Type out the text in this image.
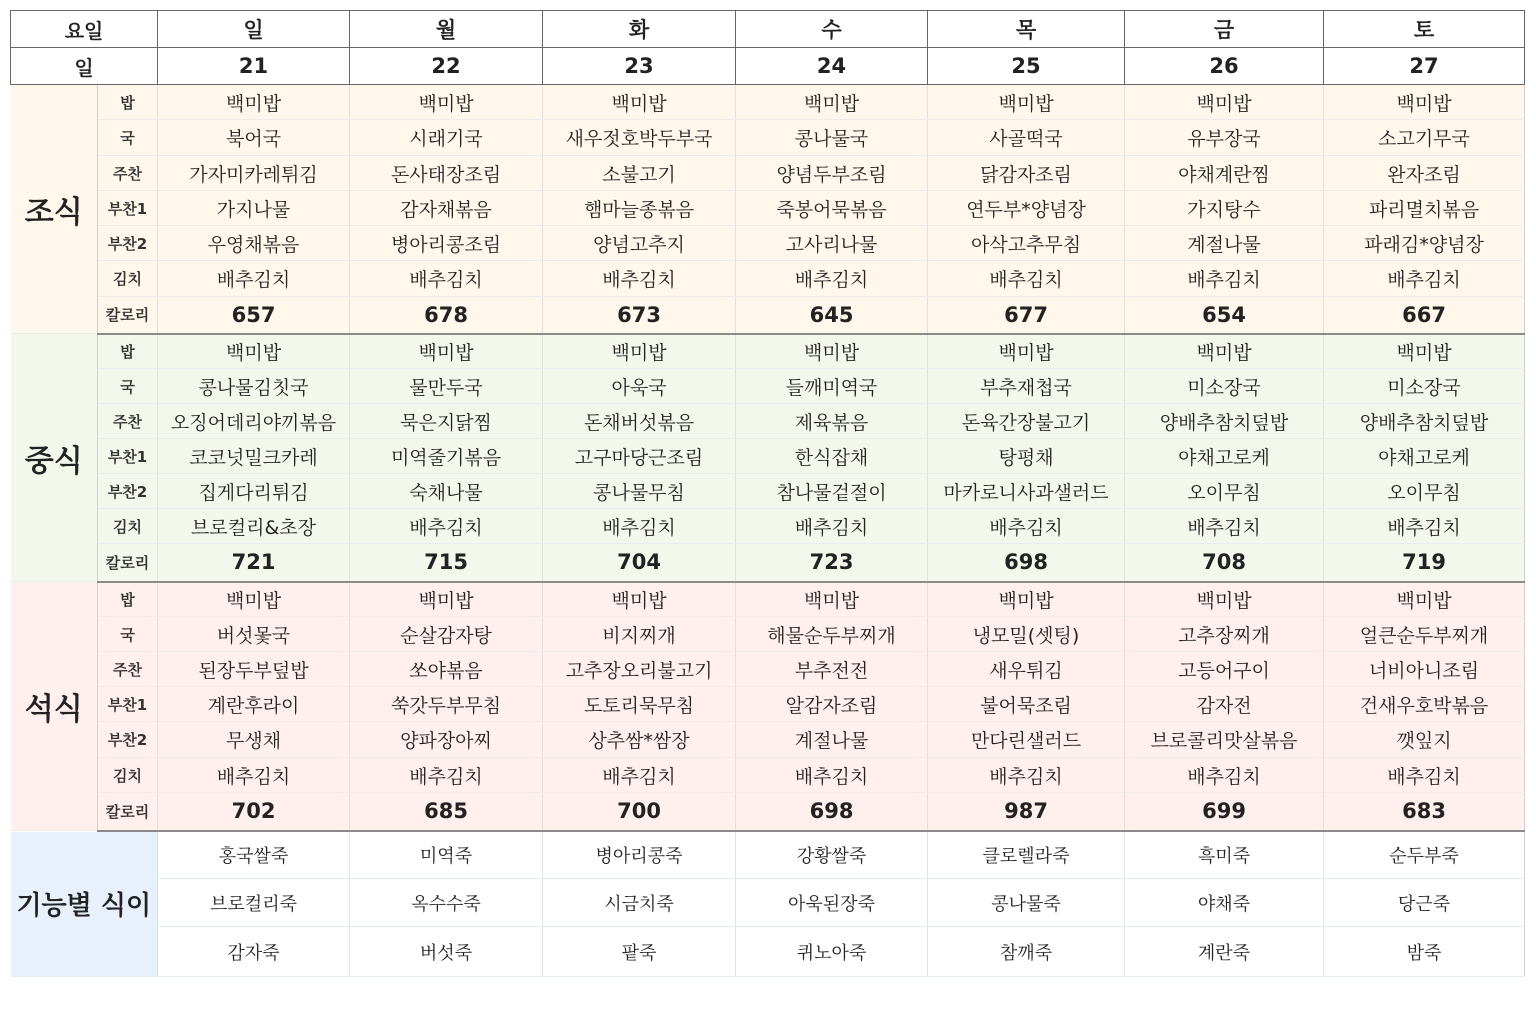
요일		일	월	화	수	목	금	토
일		21	22	23	24	25	26	27
조식	밥	백미밥	백미밥	백미밥	백미밥	백미밥	백미밥	백미밥
	국	북어국	시래기국	새우젓호박두부국	콩나물국	사골떡국	유부장국	소고기무국
	주찬	가자미카레튀김	돈사태장조림	소불고기	양념두부조림	닭감자조림	야채계란찜	완자조림
	부찬1	가지나물	감자채볶음	햄마늘종볶음	죽봉어묵볶음	연두부*양념장	가지탕수	파리멸치볶음
	부찬2	우영채볶음	병아리콩조림	양념고추지	고사리나물	아삭고추무침	계절나물	파래김*양념장
	김치	배추김치	배추김치	배추김치	배추김치	배추김치	배추김치	배추김치
	칼로리	657	678	673	645	677	654	667
중식	밥	백미밥	백미밥	백미밥	백미밥	백미밥	백미밥	백미밥
	국	콩나물김칫국	물만두국	아욱국	들깨미역국	부추재첩국	미소장국	미소장국
	주찬	오징어데리야끼볶음	묵은지닭찜	돈채버섯볶음	제육볶음	돈육간장불고기	양배추참치덮밥	양배추참치덮밥
	부찬1	코코넛밀크카레	미역줄기볶음	고구마당근조림	한식잡채	탕평채	야채고로케	야채고로케
	부찬2	집게다리튀김	숙채나물	콩나물무침	참나물겉절이	마카로니사과샐러드	오이무침	오이무침
	김치	브로컬리&초장	배추김치	배추김치	배추김치	배추김치	배추김치	배추김치
	칼로리	721	715	704	723	698	708	719
석식	밥	백미밥	백미밥	백미밥	백미밥	백미밥	백미밥	백미밥
	국	버섯몿국	순살감자탕	비지찌개	해물순두부찌개	냉모밀(셋팅)	고추장찌개	얼큰순두부찌개
	주찬	된장두부덮밥	쏘야볶음	고추장오리불고기	부추전전	새우튀김	고등어구이	너비아니조림
	부찬1	계란후라이	쑥갓두부무침	도토리묵무침	알감자조림	불어묵조림	감자전	건새우호박볶음
	부찬2	무생채	양파장아찌	상추쌈*쌈장	계절나물	만다린샐러드	브로콜리맛살볶음	깻잎지
	김치	배추김치	배추김치	배추김치	배추김치	배추김치	배추김치	배추김치
	칼로리	702	685	700	698	987	699	683
기능별 식이		홍국쌀죽	미역죽	병아리콩죽	강황쌀죽	클로렐라죽	흑미죽	순두부죽
		브로컬리죽	옥수수죽	시금치죽	아욱된장죽	콩나물죽	야채죽	당근죽
		감자죽	버섯죽	팥죽	퀴노아죽	참깨죽	계란죽	밤죽
